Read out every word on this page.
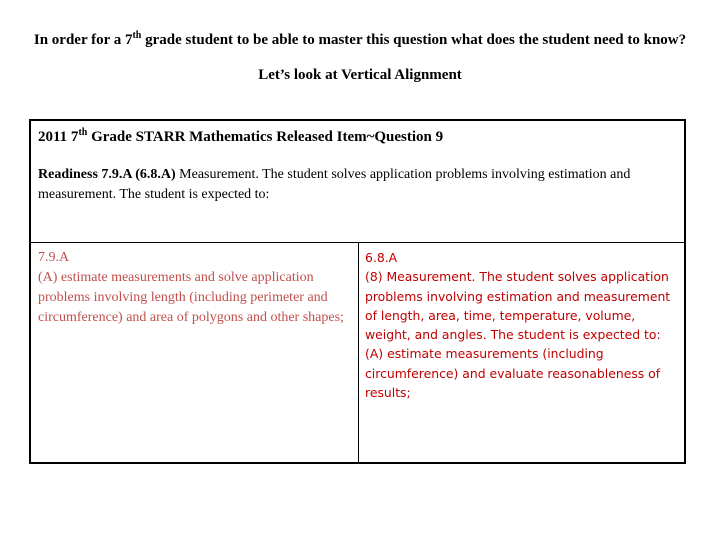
In order for a 7th grade student to be able to master this question what does the student need to know?
Let’s look at Vertical Alignment
2011 7th Grade STARR Mathematics Released Item~Question 9
Readiness 7.9.A (6.8.A) Measurement. The student solves application problems involving estimation and measurement. The student is expected to:

7.9.A

(A) estimate measurements and solve application problems involving length (including perimeter and circumference) and area of polygons and other shapes;

6.8.A

(8) Measurement. The student solves application problems involving estimation and measurement of length, area, time, temperature, volume, weight, and angles. The student is expected to:

(A) estimate measurements (including circumference) and evaluate reasonableness of results;
